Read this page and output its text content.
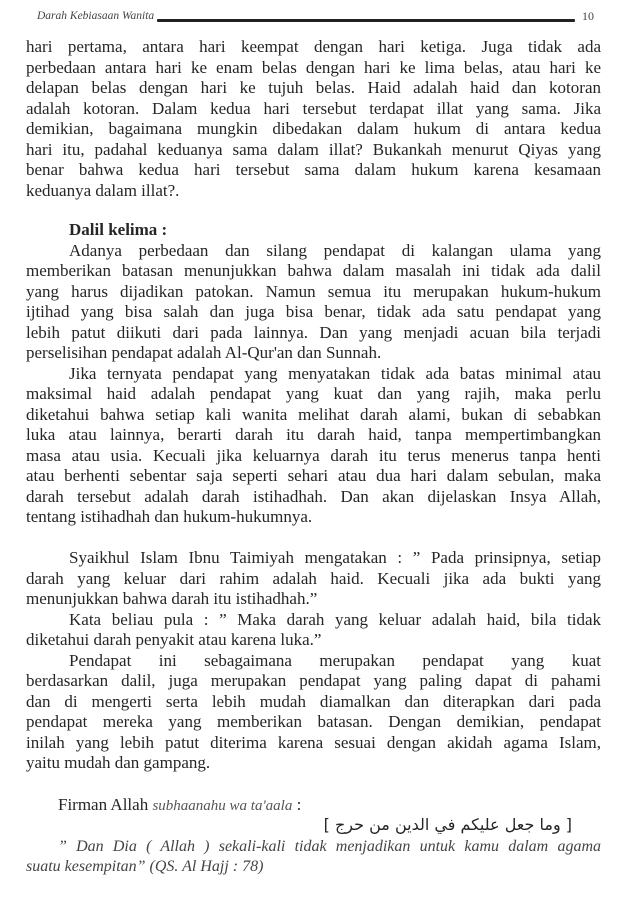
Darah Kebiasaan Wanita	10
hari pertama, antara hari keempat dengan hari ketiga. Juga tidak ada
perbedaan antara hari ke enam belas dengan hari ke lima belas, atau hari ke
delapan belas dengan hari ke tujuh belas. Haid adalah haid dan kotoran
adalah kotoran. Dalam kedua hari tersebut terdapat illat yang sama. Jika
demikian, bagaimana mungkin dibedakan dalam hukum di antara kedua
hari itu, padahal keduanya sama dalam illat? Bukankah menurut Qiyas yang
benar bahwa kedua hari tersebut sama dalam hukum karena kesamaan
keduanya dalam illat?.
Dalil kelima :
Adanya perbedaan dan silang pendapat di kalangan ulama yang
memberikan batasan menunjukkan bahwa dalam masalah ini tidak ada dalil
yang harus dijadikan patokan. Namun semua itu merupakan hukum-hukum
ijtihad yang bisa salah dan juga bisa benar, tidak ada satu pendapat yang
lebih patut diikuti dari pada lainnya. Dan yang menjadi acuan bila terjadi
perselisihan pendapat adalah Al-Qur'an dan Sunnah.
Jika ternyata pendapat yang menyatakan tidak ada batas minimal atau
maksimal haid adalah pendapat yang kuat dan yang rajih, maka perlu
diketahui bahwa setiap kali wanita melihat darah alami, bukan di sebabkan
luka atau lainnya, berarti darah itu darah haid, tanpa mempertimbangkan
masa atau usia. Kecuali jika keluarnya darah itu terus menerus tanpa henti
atau berhenti sebentar saja seperti sehari atau dua hari dalam sebulan, maka
darah tersebut adalah darah istihadhah. Dan akan dijelaskan Insya Allah,
tentang istihadhah dan hukum-hukumnya.
Syaikhul Islam Ibnu Taimiyah mengatakan : ” Pada prinsipnya, setiap
darah yang keluar dari rahim adalah haid. Kecuali jika ada bukti yang
menunjukkan bahwa darah itu istihadhah.”
Kata beliau pula : ” Maka darah yang keluar adalah haid, bila tidak
diketahui darah penyakit atau karena luka.”
Pendapat ini sebagaimana merupakan pendapat yang kuat
berdasarkan dalil, juga merupakan pendapat yang paling dapat di pahami
dan di mengerti serta lebih mudah diamalkan dan diterapkan dari pada
pendapat mereka yang memberikan batasan. Dengan demikian, pendapat
inilah yang lebih patut diterima karena sesuai dengan akidah agama Islam,
yaitu mudah dan gampang.
Firman Allah subhaanahu wa ta'aala :
[ وما جعل عليكم في الدين من حرج ]
” Dan Dia ( Allah ) sekali-kali tidak menjadikan untuk kamu dalam agama
suatu kesempitan” (QS. Al Hajj : 78)
